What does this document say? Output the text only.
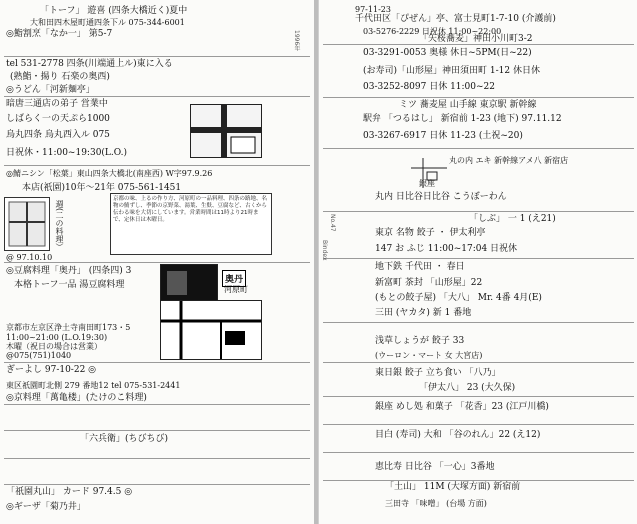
「トーフ」 遊喜 (四条大橋近く)夏中
大和田四木屋町通四条下ル 075-344-6001
◎鮨割烹「なか一」 第5-7
tel 531-2778 四条(川端通上ル)東に入る
(熟鮨・揚り 石楽の奥西)
◎うどん「河新麺亭」
暗唐三通店の弟子 営業中
しばらく一の天ぷら1000
烏丸四条 烏丸西入ル 075
日祝休・11:00~19:30(L.O.)
◎鯖ニシン「松葉」東山四条大橋北(南座西) W字97.9.26
本店(祇園)10年〜21年 075-561-1451
@ 97.10.10
◎豆腐料理「奥丹」 (四条四) 3
本格トーフ一品 湯豆腐料理
京都市左京区浄土寺南田町173・5
11:00~21:00 (L.O.19:30)
木曜（祝日の場合は営業）
@075(751)1040
ぎーよし 97-10-22 ◎
東区祇園町北側 279 番地12 tel 075-531-2441
◎京料理「萬亀楼」(たけのこ料理)
「六兵衛」(ちびちび)
「祇園丸山」 カード 97.4.5 ◎
◎ギーザ「菊乃井」
週(二の料理）
京都の味、上るの作り方、河原町の一品料理、四条の路地、名物の鯖ずし、季節の京野菜、湯葉、生麩、豆腐など、古くから伝わる味を大切にしています。営業時間は11時より21時まで、定休日は木曜日。
奥丹
河原町
1996年
97-11-23
千代田区「ぴぜん」亭、富士見町1-7-10 (介護前)
03-5276-2229 日祝休 11:00~22:00
「矢桜蕎麦」神田小川町3-2
03-3291-0053 奥様 休日~5PM(日~22)
(お寿司)「山形屋」神田須田町 1-12 休日休
03-3252-8097 日休 11:00~22
ミツ 蕎麦屋 山手線 東京駅 新幹線
駅弁 「つるはし」 新宿前 1-23 (地下) 97.11.12
03-3267-6917 日休 11-23 (土祝~20)
丸の内 エキ 新幹線アメ八 新宿店
丸内 日比谷日比谷 こうぼーわん
「しぶ」 一 1 (え21)
東京 名物 餃子 ・ 伊太利亭
147 お ふじ 11:00~17:04 日祝休
地下鉄 千代田 ・ 春日
新富町 茶封 「山形屋」22
(もとの餃子屋) 「大八」 Mr. 4番 4月(E)
三田 (ヤカタ) 新 1 番地
浅草しょうが 餃子 33
(ウーロン・マート 女 大宮店)
東日銀 餃子 立ち食い 「八乃」
「伊太八」 23 (大久保)
銀座 めし処 和菓子 「花香」23 (江戸川橋)
目白 (寿司) 大和 「谷のれん」22 (え12)
恵比寿 日比谷 「一心」3番地
「土山」 11M (大塚方面) 新宿前
三田寺 「味噌」 (台場 方面)
銀座
Bindex
No.47
